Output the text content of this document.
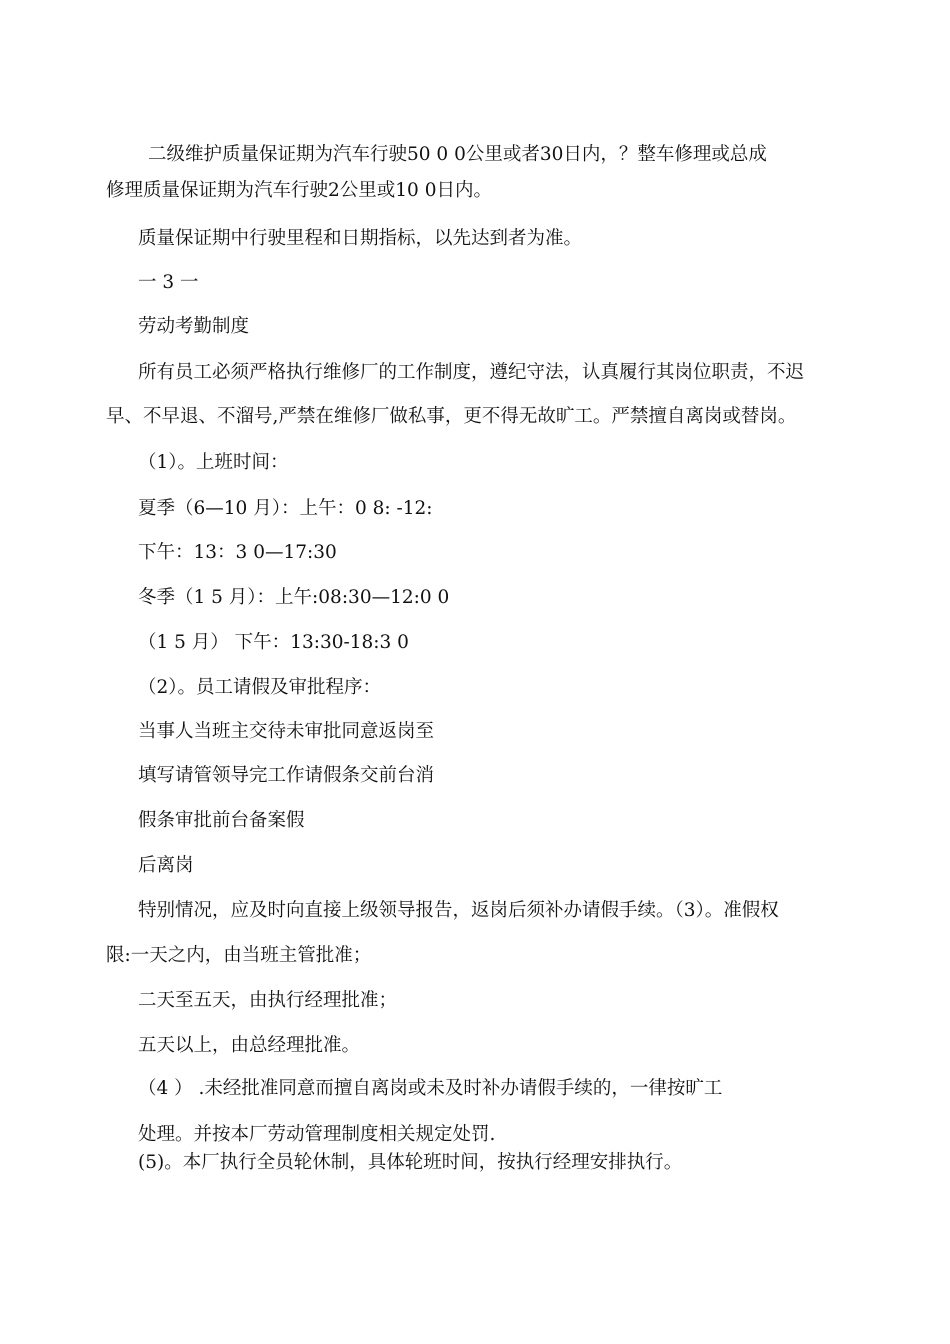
二级维护质量保证期为汽车行驶50 0 0公里或者30日内，？整车修理或总成
修理质量保证期为汽车行驶2公里或10 0日内。
质量保证期中行驶里程和日期指标，以先达到者为准。
一 3 一
劳动考勤制度
所有员工必须严格执行维修厂的工作制度，遵纪守法，认真履行其岗位职责，不迟
早、不早退、不溜号,严禁在维修厂做私事，更不得无故旷工。严禁擅自离岗或替岗。
（1）。上班时间：
夏季（6—10 月）：上午：0 8: -12:
下午：13：3 0—17:30
冬季（1 5 月）：上午:08:30—12:0 0
（1 5 月） 下午：13:30-18:3 0
（2）。员工请假及审批程序：
当事人当班主交待未审批同意返岗至
填写请管领导完工作请假条交前台消
假条审批前台备案假
后离岗
特别情况，应及时向直接上级领导报告，返岗后须补办请假手续。（3）。准假权
限:一天之内，由当班主管批准；
二天至五天，由执行经理批准；
五天以上，由总经理批准。
（4 ） .未经批准同意而擅自离岗或未及时补办请假手续的，一律按旷工
处理。并按本厂劳动管理制度相关规定处罚.
(5)。本厂执行全员轮休制，具体轮班时间，按执行经理安排执行。
